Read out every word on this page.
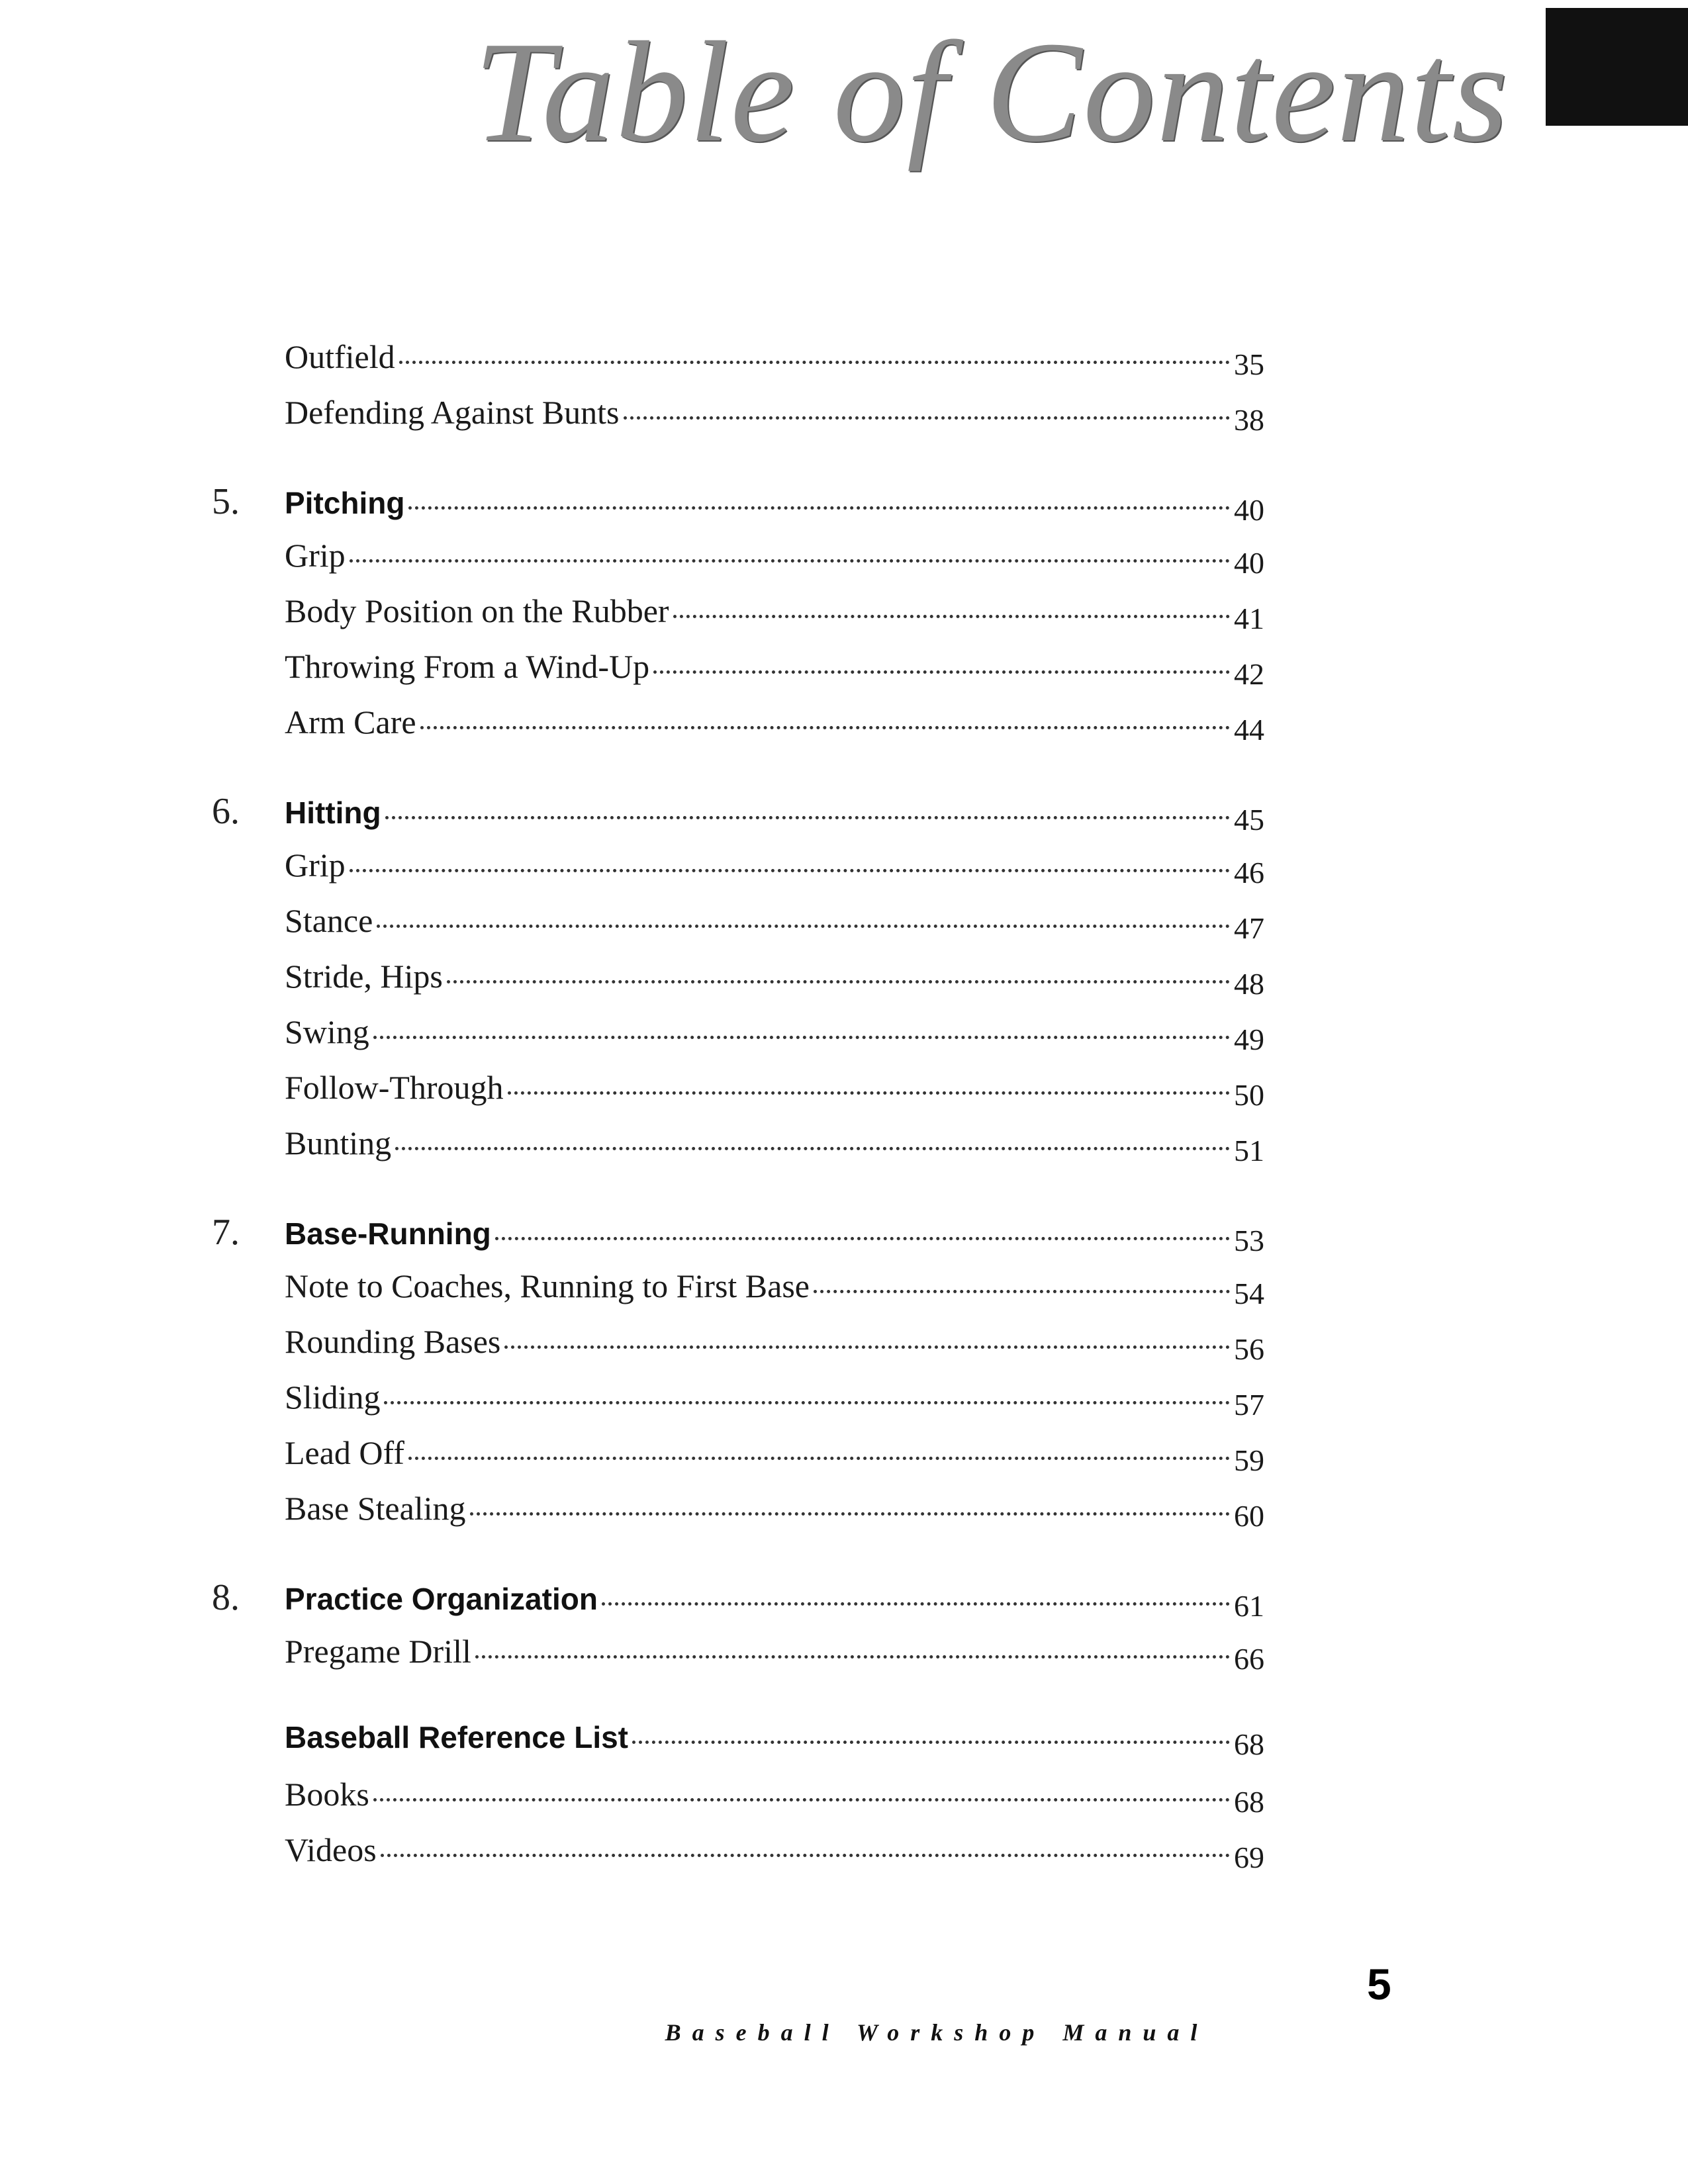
Table of Contents
Outfield	35
Defending Against Bunts	38
5.	Pitching	40
Grip	40
Body Position on the Rubber	41
Throwing From a Wind-Up	42
Arm Care	44
6.	Hitting	45
Grip	46
Stance	47
Stride, Hips	48
Swing	49
Follow-Through	50
Bunting	51
7.	Base-Running	53
Note to Coaches, Running to First Base	54
Rounding Bases	56
Sliding	57
Lead Off	59
Base Stealing	60
8.	Practice Organization	61
Pregame Drill	66
Baseball Reference List	68
Books	68
Videos	69

5

Baseball Workshop Manual
